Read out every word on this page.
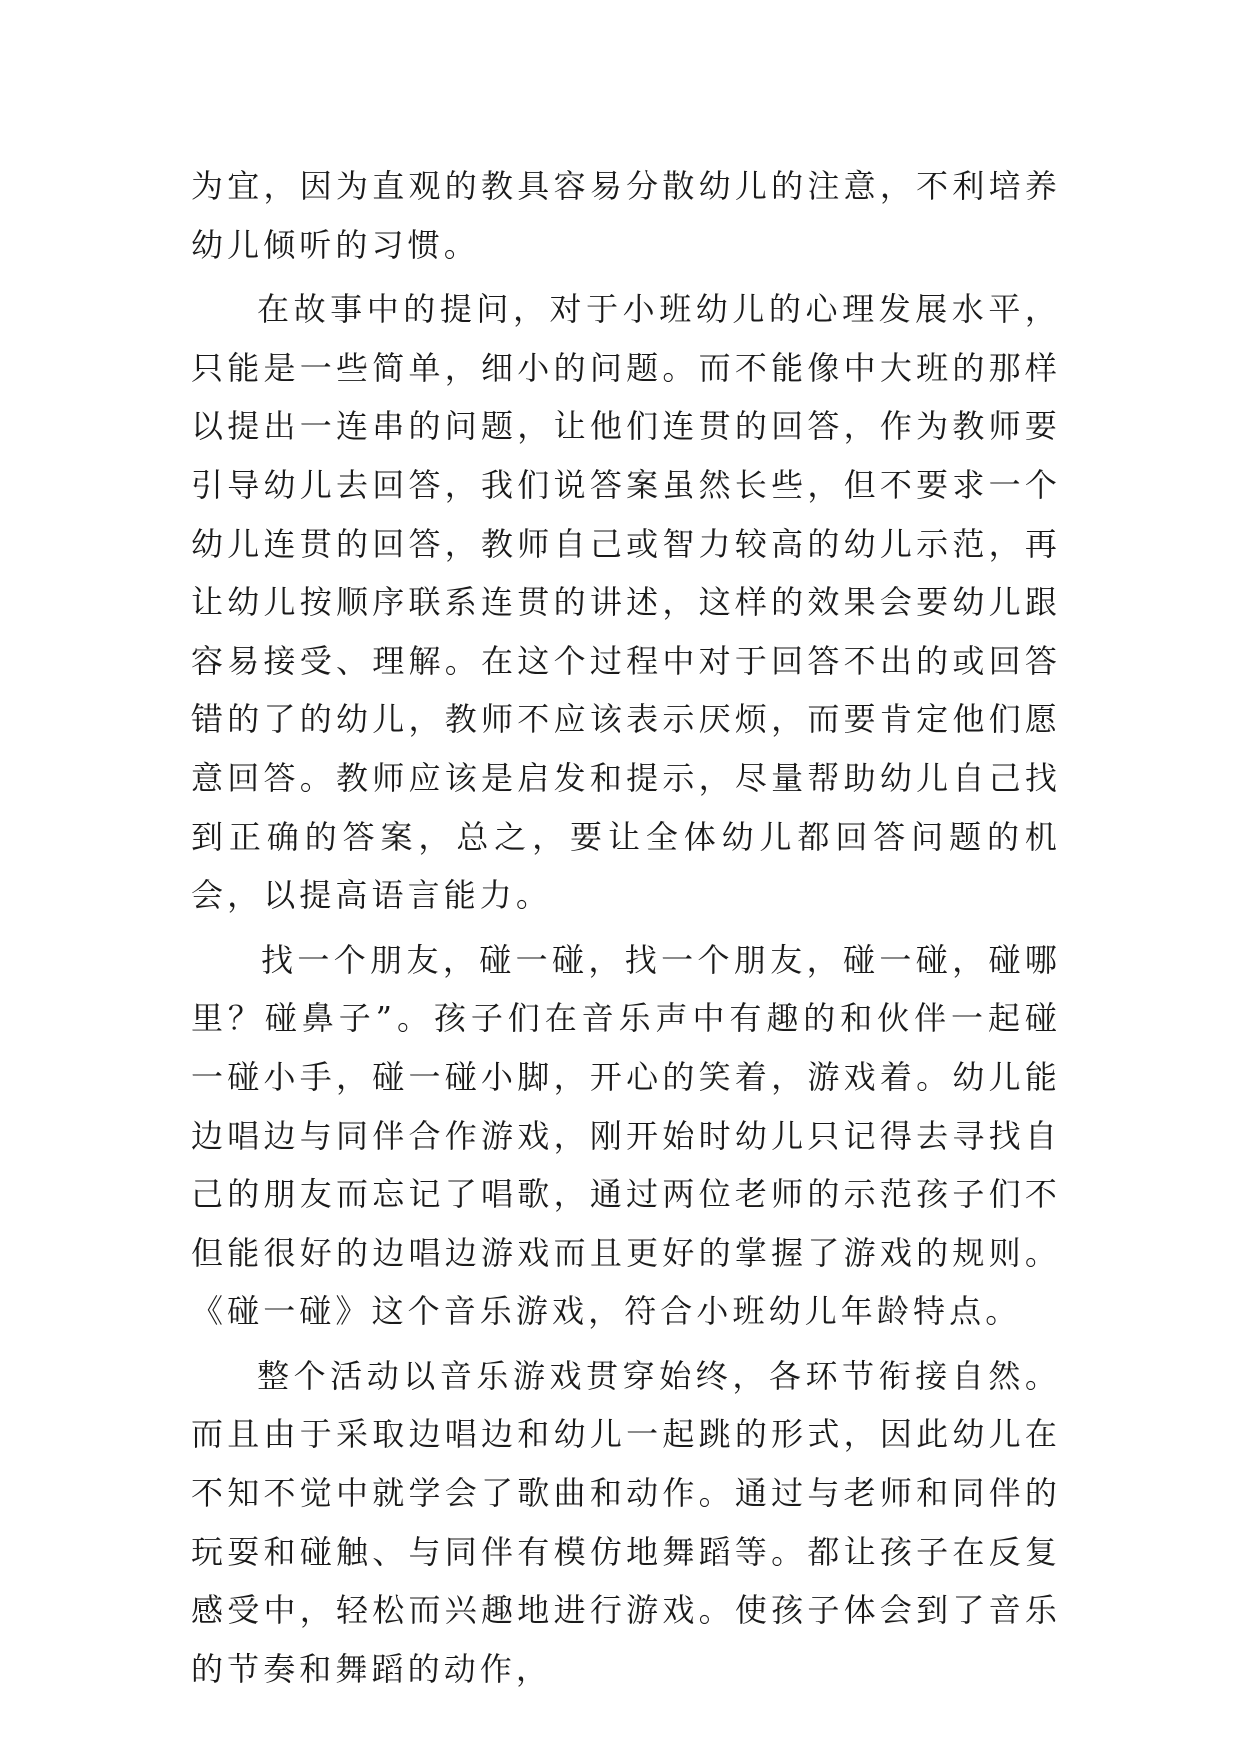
为宜，因为直观的教具容易分散幼儿的注意，不利培养幼儿倾听的习惯。

在故事中的提问，对于小班幼儿的心理发展水平，只能是一些简单，细小的问题。而不能像中大班的那样以提出一连串的问题，让他们连贯的回答，作为教师要引导幼儿去回答，我们说答案虽然长些，但不要求一个幼儿连贯的回答，教师自己或智力较高的幼儿示范，再让幼儿按顺序联系连贯的讲述，这样的效果会要幼儿跟容易接受、理解。在这个过程中对于回答不出的或回答错的了的幼儿，教师不应该表示厌烦，而要肯定他们愿意回答。教师应该是启发和提示，尽量帮助幼儿自己找到正确的答案，总之，要让全体幼儿都回答问题的机会，以提高语言能力。

找一个朋友，碰一碰，找一个朋友，碰一碰，碰哪里？碰鼻子”。孩子们在音乐声中有趣的和伙伴一起碰一碰小手，碰一碰小脚，开心的笑着，游戏着。幼儿能边唱边与同伴合作游戏，刚开始时幼儿只记得去寻找自己的朋友而忘记了唱歌，通过两位老师的示范孩子们不但能很好的边唱边游戏而且更好的掌握了游戏的规则。《碰一碰》这个音乐游戏，符合小班幼儿年龄特点。

整个活动以音乐游戏贯穿始终，各环节衔接自然。而且由于采取边唱边和幼儿一起跳的形式，因此幼儿在不知不觉中就学会了歌曲和动作。通过与老师和同伴的玩耍和碰触、与同伴有模仿地舞蹈等。都让孩子在反复感受中，轻松而兴趣地进行游戏。使孩子体会到了音乐的节奏和舞蹈的动作，
